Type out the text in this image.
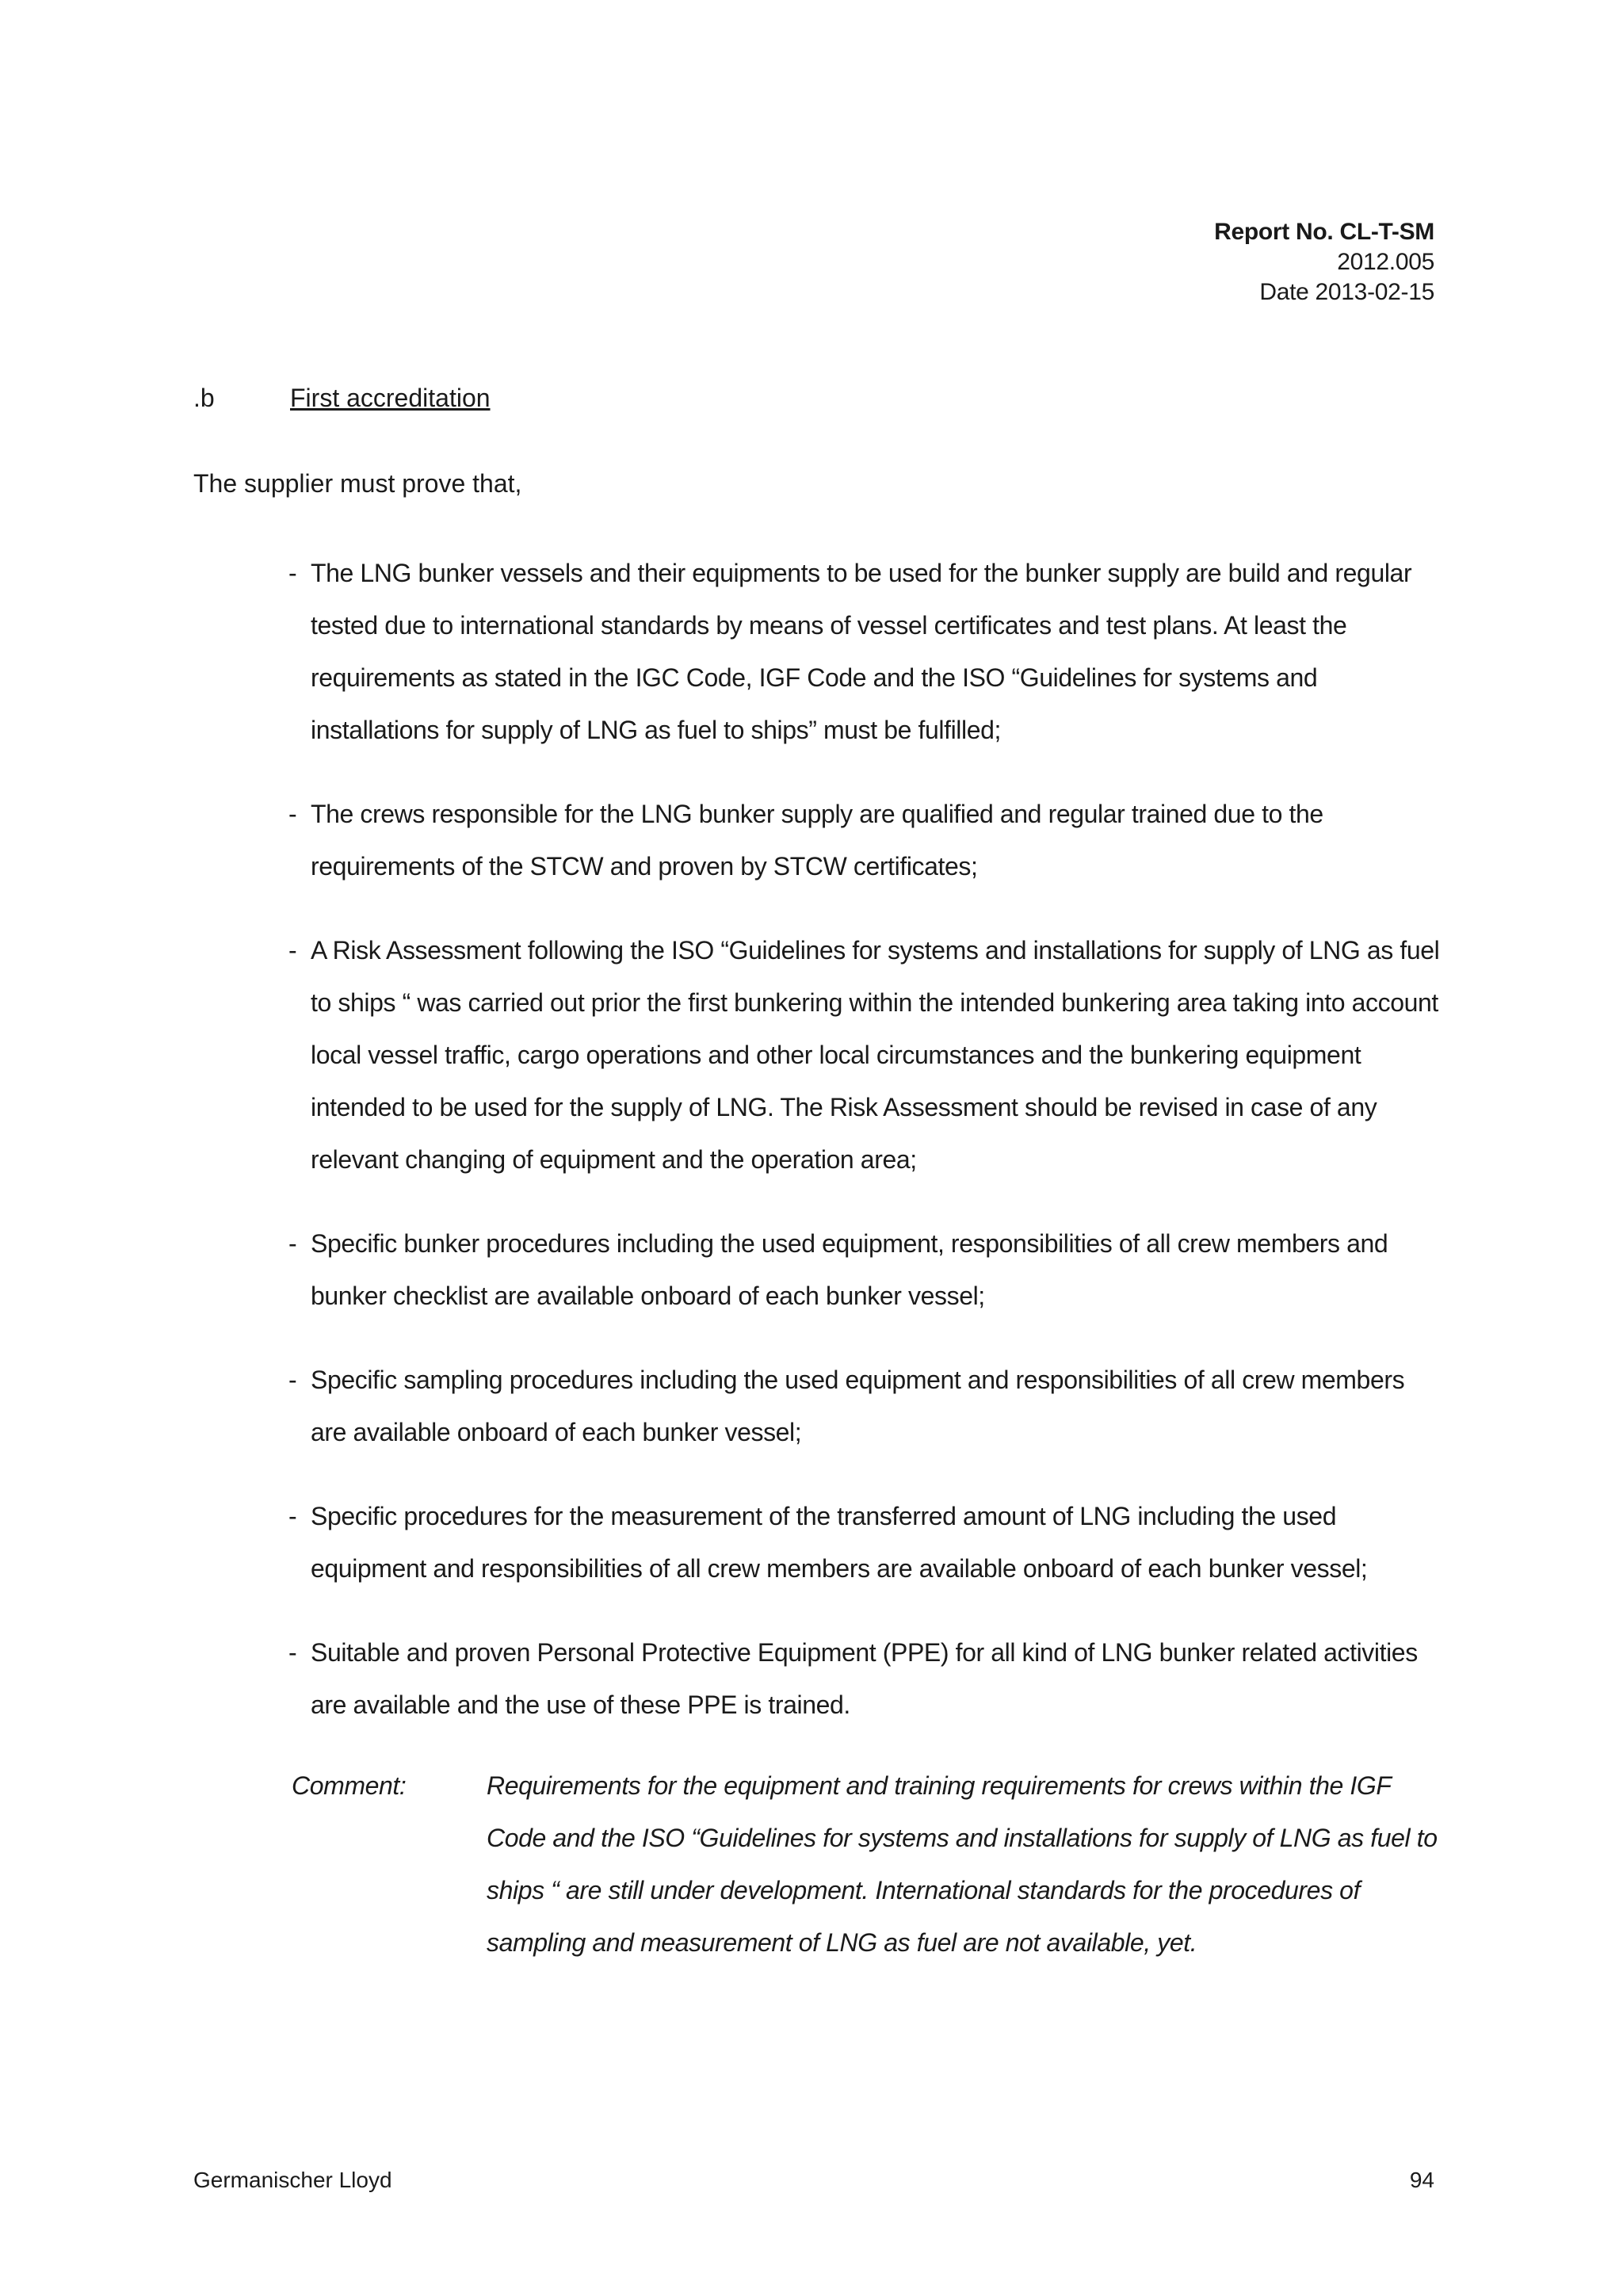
Report No. CL-T-SM
2012.005
Date 2013-02-15
.b	First accreditation
The supplier must prove that,
- The LNG bunker vessels and their equipments to be used for the bunker supply are build and regular tested due to international standards by means of vessel certificates and test plans. At least the requirements as stated in the IGC Code, IGF Code and the ISO “Guidelines for systems and installations for supply of LNG as fuel to ships” must be fulfilled;
- The crews responsible for the LNG bunker supply are qualified and regular trained due to the requirements of the STCW and proven by STCW certificates;
- A Risk Assessment following the ISO “Guidelines for systems and installations for supply of LNG as fuel to ships “ was carried out prior the first bunkering within the intended bunkering area taking into account local vessel traffic, cargo operations and other local circumstances and the bunkering equipment intended to be used for the supply of LNG. The Risk Assessment should be revised in case of any relevant changing of equipment and the operation area;
- Specific bunker procedures including the used equipment, responsibilities of all crew members and bunker checklist are available onboard of each bunker vessel;
- Specific sampling procedures including the used equipment and responsibilities of all crew members are available onboard of each bunker vessel;
- Specific procedures for the measurement of the transferred amount of LNG including the used equipment and responsibilities of all crew members are available onboard of each bunker vessel;
- Suitable and proven Personal Protective Equipment (PPE) for all kind of LNG bunker related activities are available and the use of these PPE is trained.
Comment:	Requirements for the equipment and training requirements for crews within the IGF Code and the ISO “Guidelines for systems and installations for supply of LNG as fuel to ships “ are still under development. International standards for the procedures of sampling and measurement of LNG as fuel are not available, yet.
Germanischer Lloyd	94
